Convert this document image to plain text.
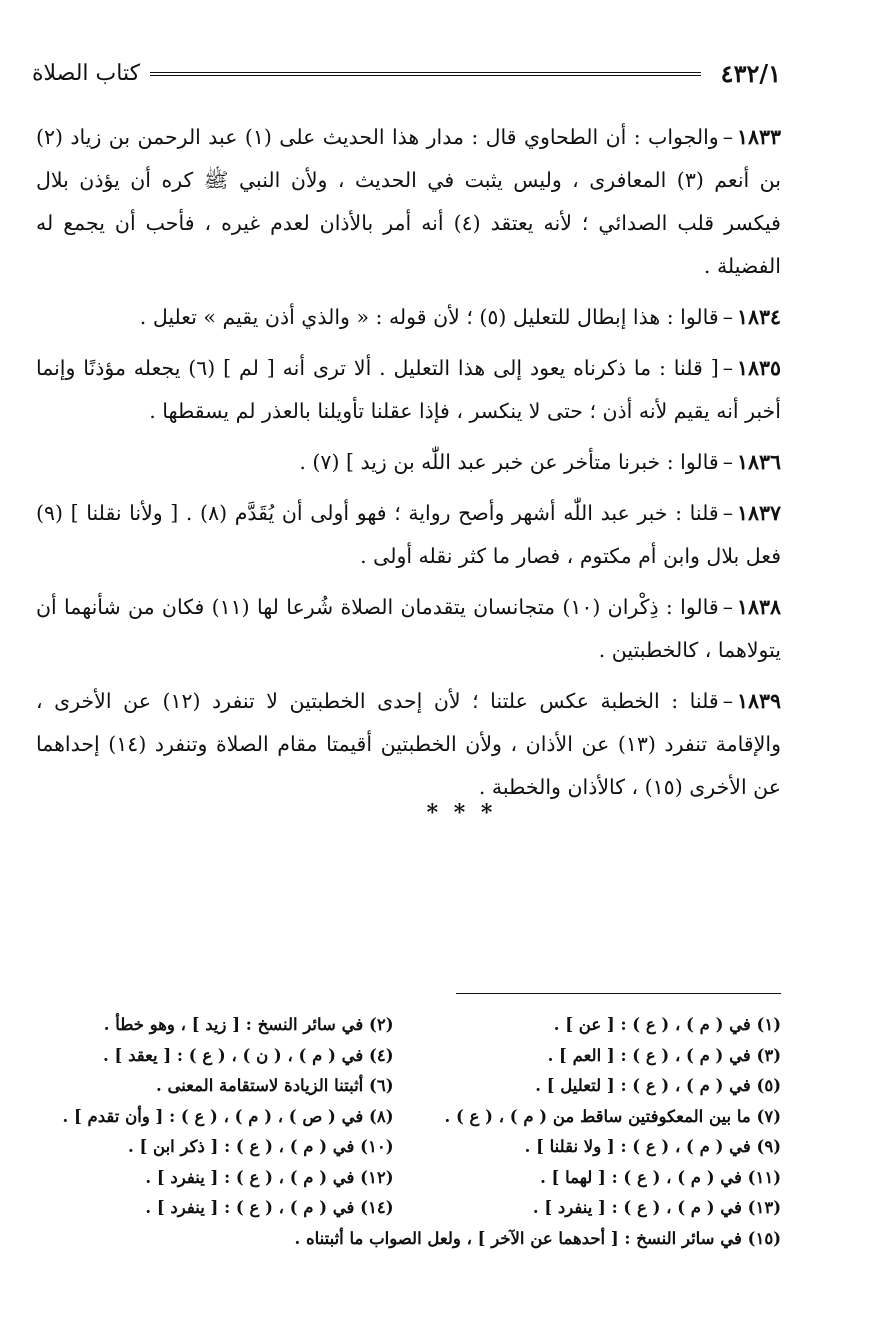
٤٣٢/١
كتاب الصلاة

١٨٣٣–والجواب : أن الطحاوي قال : مدار هذا الحديث على (١) عبد الرحمن بن زياد (٢) بن أنعم (٣) المعافرى ، وليس يثبت في الحديث ، ولأن النبي ﷺ كره أن يؤذن بلال فيكسر قلب الصدائي ؛ لأنه يعتقد (٤) أنه أمر بالأذان لعدم غيره ، فأحب أن يجمع له الفضيلة .

١٨٣٤–قالوا : هذا إبطال للتعليل (٥) ؛ لأن قوله : « والذي أذن يقيم » تعليل .

١٨٣٥–[ قلنا : ما ذكرناه يعود إلى هذا التعليل . ألا ترى أنه [ لم ] (٦) يجعله مؤذنًا وإنما أخبر أنه يقيم لأنه أذن ؛ حتى لا ينكسر ، فإذا عقلنا تأويلنا بالعذر لم يسقطها .

١٨٣٦–قالوا : خبرنا متأخر عن خبر عبد اللّٰه بن زيد ] (٧) .

١٨٣٧–قلنا : خبر عبد اللّٰه أشهر وأصح رواية ؛ فهو أولى أن يُقَدَّم (٨) . [ ولأنا نقلنا ] (٩) فعل بلال وابن أم مكتوم ، فصار ما كثر نقله أولى .

١٨٣٨–قالوا : ذِكْران (١٠) متجانسان يتقدمان الصلاة شُرعا لها (١١) فكان من شأنهما أن يتولاهما ، كالخطبتين .

١٨٣٩–قلنا : الخطبة عكس علتنا ؛ لأن إحدى الخطبتين لا تنفرد (١٢) عن الأخرى ، والإقامة تنفرد (١٣) عن الأذان ، ولأن الخطبتين أقيمتا مقام الصلاة وتنفرد (١٤) إحداهما عن الأخرى (١٥) ، كالأذان والخطبة .

* * *
(١) في ( م ) ، ( ع ) : [ عن ] .
(٢) في سائر النسخ : [ زيد ] ، وهو خطأ .
(٣) في ( م ) ، ( ع ) : [ العم ] .
(٤) في ( م ) ، ( ن ) ، ( ع ) : [ يعقد ] .
(٥) في ( م ) ، ( ع ) : [ لتعليل ] .
(٦) أثبتنا الزيادة لاستقامة المعنى .
(٧) ما بين المعكوفتين ساقط من ( م ) ، ( ع ) .
(٨) في ( ص ) ، ( م ) ، ( ع ) : [ وأن تقدم ] .
(٩) في ( م ) ، ( ع ) : [ ولا نقلنا ] .
(١٠) في ( م ) ، ( ع ) : [ ذكر ابن ] .
(١١) في ( م ) ، ( ع ) : [ لهما ] .
(١٢) في ( م ) ، ( ع ) : [ ينفرد ] .
(١٣) في ( م ) ، ( ع ) : [ ينفرد ] .
(١٤) في ( م ) ، ( ع ) : [ ينفرد ] .
(١٥) في سائر النسخ : [ أحدهما عن الآخر ] ، ولعل الصواب ما أثبتناه .
